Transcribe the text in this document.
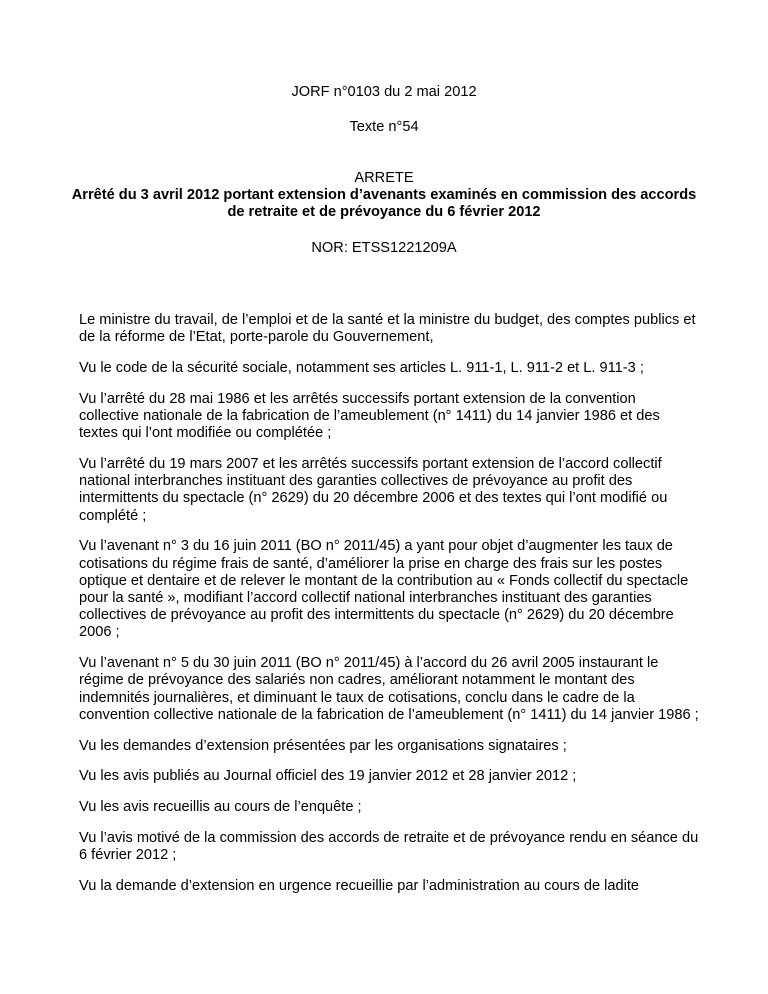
JORF n°0103 du 2 mai 2012
Texte n°54
ARRETE
Arrêté du 3 avril 2012 portant extension d’avenants examinés en commission des accords de retraite et de prévoyance du 6 février 2012
NOR: ETSS1221209A

Le ministre du travail, de l’emploi et de la santé et la ministre du budget, des comptes publics et de la réforme de l’Etat, porte-parole du Gouvernement,

Vu le code de la sécurité sociale, notamment ses articles L. 911-1, L. 911-2 et L. 911-3 ;

Vu l’arrêté du 28 mai 1986 et les arrêtés successifs portant extension de la convention collective nationale de la fabrication de l’ameublement (n° 1411) du 14 janvier 1986 et des textes qui l’ont modifiée ou complétée ;

Vu l’arrêté du 19 mars 2007 et les arrêtés successifs portant extension de l’accord collectif national interbranches instituant des garanties collectives de prévoyance au profit des intermittents du spectacle (n° 2629) du 20 décembre 2006 et des textes qui l’ont modifié ou complété ;

Vu l’avenant n° 3 du 16 juin 2011 (BO n° 2011/45) a yant pour objet d’augmenter les taux de cotisations du régime frais de santé, d’améliorer la prise en charge des frais sur les postes optique et dentaire et de relever le montant de la contribution au « Fonds collectif du spectacle pour la santé », modifiant l’accord collectif national interbranches instituant des garanties collectives de prévoyance au profit des intermittents du spectacle (n° 2629) du 20 décembre 2006 ;

Vu l’avenant n° 5 du 30 juin 2011 (BO n° 2011/45) à l’accord du 26 avril 2005 instaurant le régime de prévoyance des salariés non cadres, améliorant notamment le montant des indemnités journalières, et diminuant le taux de cotisations, conclu dans le cadre de la convention collective nationale de la fabrication de l’ameublement (n° 1411) du 14 janvier 1986 ;

Vu les demandes d’extension présentées par les organisations signataires ;

Vu les avis publiés au Journal officiel des 19 janvier 2012 et 28 janvier 2012 ;

Vu les avis recueillis au cours de l’enquête ;

Vu l’avis motivé de la commission des accords de retraite et de prévoyance rendu en séance du 6 février 2012 ;

Vu la demande d’extension en urgence recueillie par l’administration au cours de ladite
